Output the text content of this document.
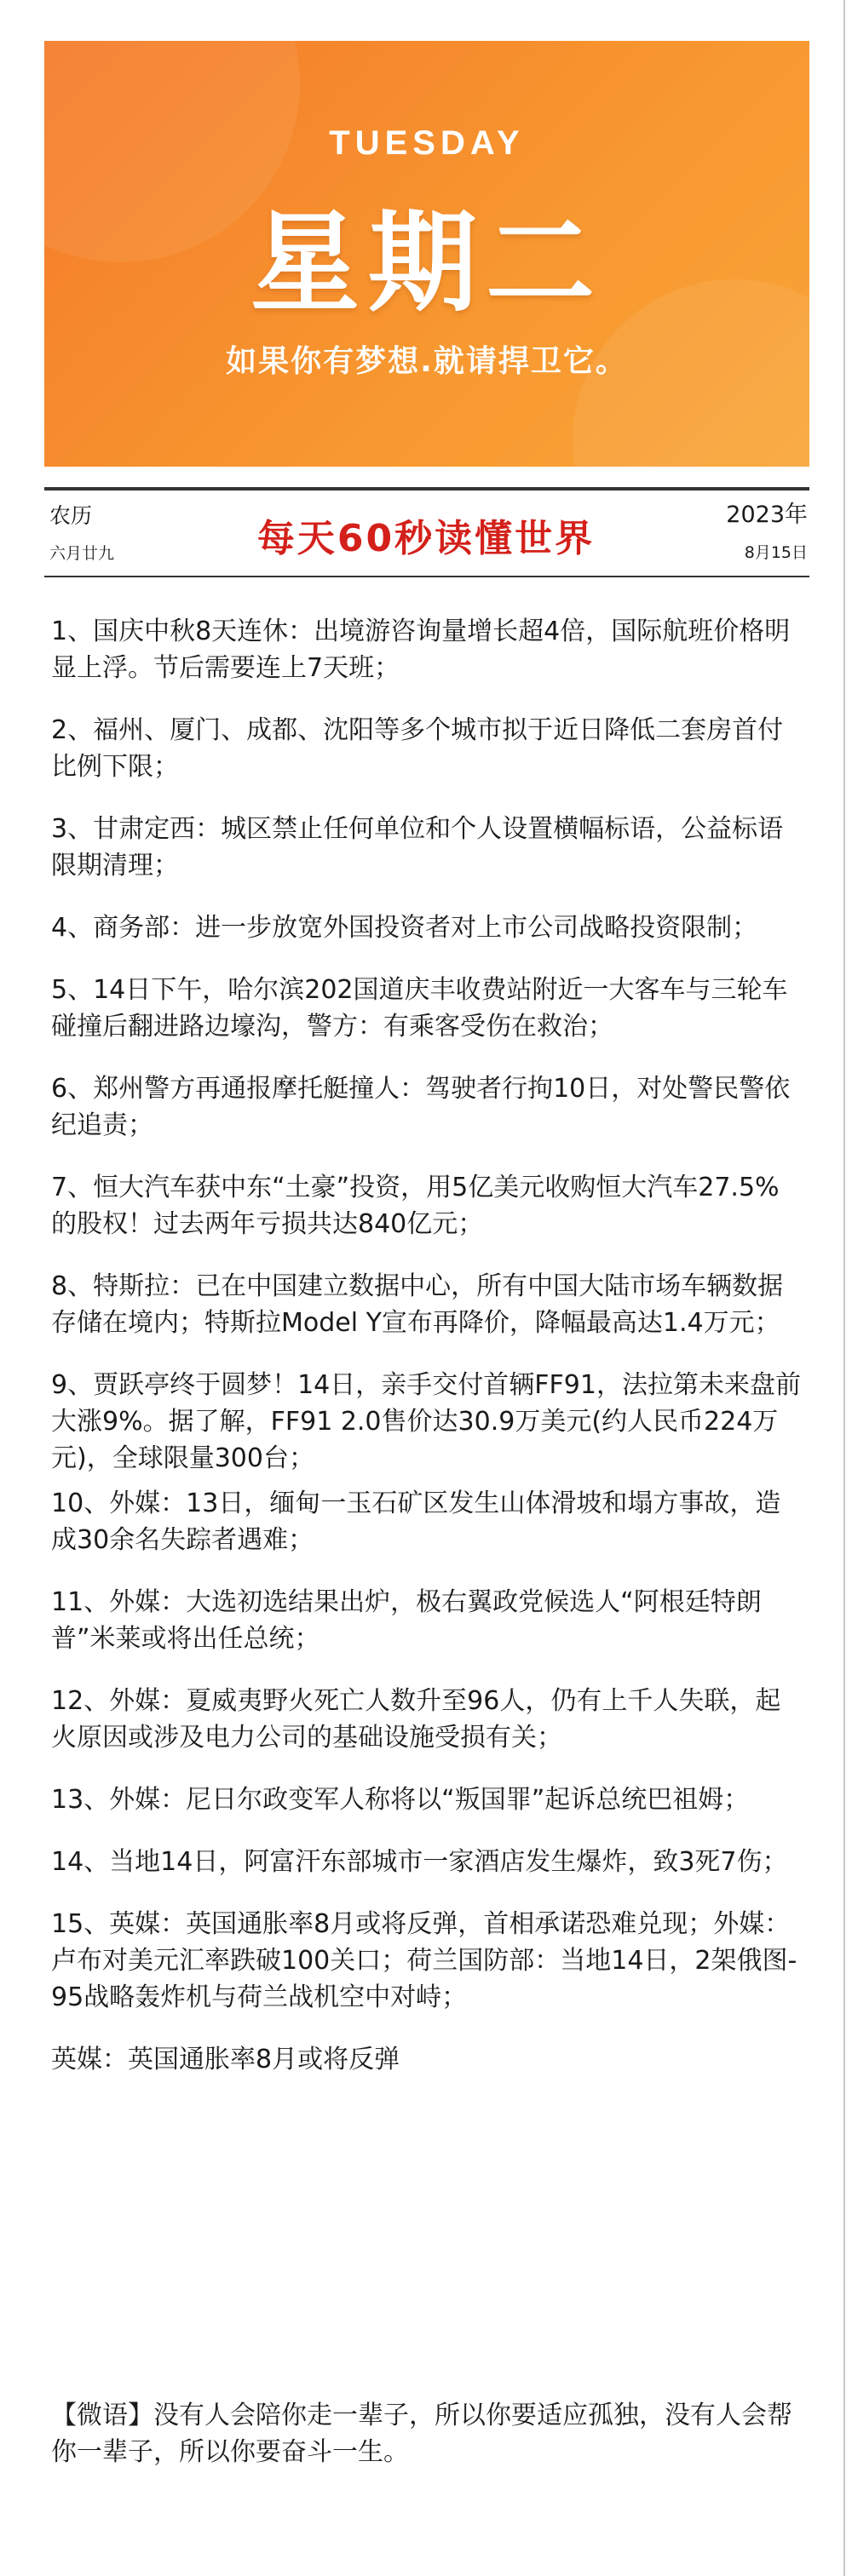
TUESDAY
星期二
如果你有梦想.就请捍卫它。
农历
六月廿九	每天60秒读懂世界
2023年
8月15日
1、国庆中秋8天连休：出境游咨询量增长超4倍，国际航班价格明显上浮。节后需要连上7天班；
2、福州、厦门、成都、沈阳等多个城市拟于近日降低二套房首付比例下限；
3、甘肃定西：城区禁止任何单位和个人设置横幅标语，公益标语限期清理；
4、商务部：进一步放宽外国投资者对上市公司战略投资限制；
5、14日下午，哈尔滨202国道庆丰收费站附近一大客车与三轮车碰撞后翻进路边壕沟，警方：有乘客受伤在救治；
6、郑州警方再通报摩托艇撞人：驾驶者行拘10日，对处警民警依纪追责；
7、恒大汽车获中东“土豪”投资，用5亿美元收购恒大汽车27.5%的股权！过去两年亏损共达840亿元；
8、特斯拉：已在中国建立数据中心，所有中国大陆市场车辆数据存储在境内；特斯拉Model Y宣布再降价，降幅最高达1.4万元；
9、贾跃亭终于圆梦！14日，亲手交付首辆FF91，法拉第未来盘前大涨9%。据了解，FF91 2.0售价达30.9万美元(约人民币224万元)，全球限量300台；
10、外媒：13日，缅甸一玉石矿区发生山体滑坡和塌方事故，造成30余名失踪者遇难；
11、外媒：大选初选结果出炉，极右翼政党候选人“阿根廷特朗普”米莱或将出任总统；
12、外媒：夏威夷野火死亡人数升至96人，仍有上千人失联，起火原因或涉及电力公司的基础设施受损有关；
13、外媒：尼日尔政变军人称将以“叛国罪”起诉总统巴祖姆；
14、当地14日，阿富汗东部城市一家酒店发生爆炸，致3死7伤；
15、英媒：英国通胀率8月或将反弹，首相承诺恐难兑现；外媒：卢布对美元汇率跌破100关口；荷兰国防部：当地14日，2架俄图-95战略轰炸机与荷兰战机空中对峙；
英媒：英国通胀率8月或将反弹
【微语】没有人会陪你走一辈子，所以你要适应孤独，没有人会帮你一辈子，所以你要奋斗一生。
